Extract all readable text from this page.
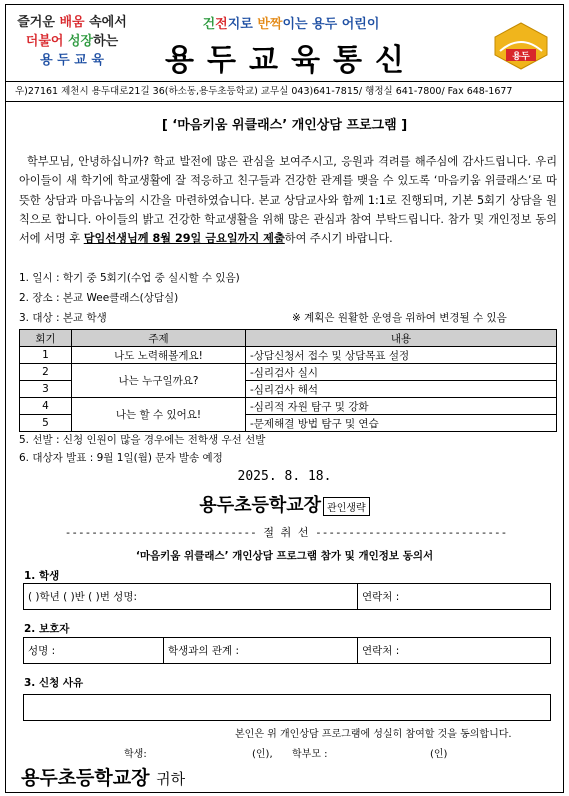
즐거운 배움 속에서
더불어 성장하는
용 두 교 육
건전지로 반짝이는 용두 어린이
용두교육통신	용두
우)27161 제천시 용두대로21길 36(하소동,용두초등학교) 교무실 043)641-7815/ 행정실 641-7800/ Fax 648-1677
[ ‘마음키움 위클래스’ 개인상담 프로그램 ]

학부모님, 안녕하십니까? 학교 발전에 많은 관심을 보여주시고, 응원과 격려를 해주심에 감사드립니다. 우리 아이들이 새 학기에 학교생활에 잘 적응하고 친구들과 건강한 관계를 맺을 수 있도록 ‘마음키움 위클래스’로 따뜻한 상담과 마음나눔의 시간을 마련하였습니다. 본교 상담교사와 함께 1:1로 진행되며, 기본 5회기 상담을 원칙으로 합니다. 아이들의 밝고 건강한 학교생활을 위해 많은 관심과 참여 부탁드립니다. 참가 및 개인정보 동의서에 서명 후 담임선생님께 8월 29일 금요일까지 제출하여 주시기 바랍니다.

1. 일시 : 학기 중 5회기(수업 중 실시할 수 있음)
2. 장소 : 본교 Wee클래스(상담실)
3. 대상 : 본교 학생	※ 계획은 원활한 운영을 위하여 변경될 수 있음
회기	주제	내용
1	나도 노력해볼게요!	-상담신청서 접수 및 상담목표 설정
2	나는 누구일까요?	-심리검사 실시
3		-심리검사 해석
4	나는 할 수 있어요!	-심리적 자원 탐구 및 강화
5		-문제해결 방법 탐구 및 연습
5. 선발 : 신청 인원이 많을 경우에는 전학생 우선 선발
6. 대상자 발표 : 9월 1일(월) 문자 발송 예정
2025. 8. 18.
용두초등학교장 관인생략
----------------------------- 절 취 선 -----------------------------
‘마음키움 위클래스’ 개인상담 프로그램 참가 및 개인정보 동의서
1. 학생
( )학년 ( )반 ( )번 성명:	연락처 :
2. 보호자
성명 :	학생과의 관계 :	연락처 :
3. 신청 사유
본인은 위 개인상담 프로그램에 성실히 참여할 것을 동의합니다.
학생:	(인), 학부모 :	(인)
용두초등학교장 귀하
